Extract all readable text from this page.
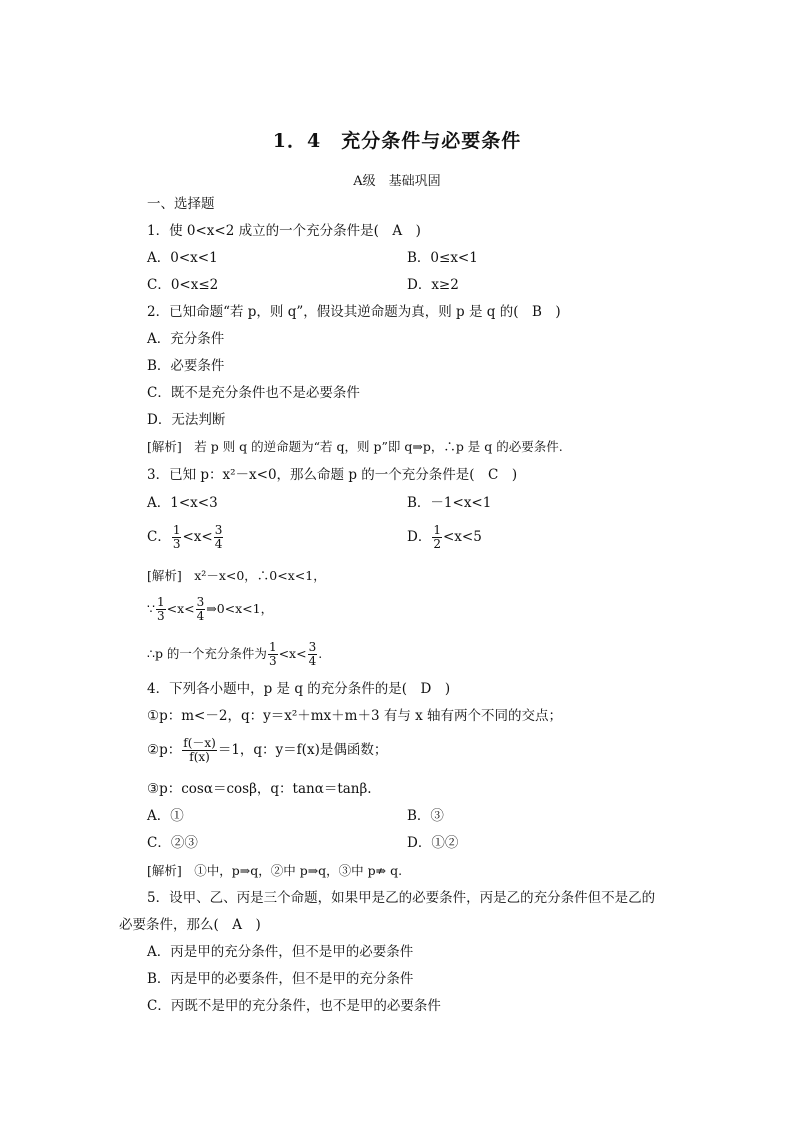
1．4　充分条件与必要条件
A级　基础巩固
一、选择题
1．使 0<x<2 成立的一个充分条件是(　A　)
A．0<x<1	B．0≤x<1
C．0<x≤2	D．x≥2
2．已知命题“若 p，则 q”，假设其逆命题为真，则 p 是 q 的(　B　)
A．充分条件
B．必要条件
C．既不是充分条件也不是必要条件
D．无法判断
[解析]　若 p 则 q 的逆命题为“若 q，则 p”即 q⇒p，∴p 是 q 的必要条件.
3．已知 p：x²－x<0，那么命题 p 的一个充分条件是(　C　)
A．1<x<3	B．－1<x<1
C． $\frac{1}{3} <x< \frac{3}{4}$	D． $\frac{1}{2} <x<5$
[解析]　x²－x<0，∴0<x<1，
∵ $\frac{1}{3} <x< \frac{3}{4}$ ⇒0<x<1，
∴p 的一个充分条件为 $\frac{1}{3} <x< \frac{3}{4}$ .
4．下列各小题中，p 是 q 的充分条件的是(　D　)
①p：m<－2，q：y＝x²＋mx＋m＋3 有与 x 轴有两个不同的交点；
②p： $\frac{f(-x)}{f(x)} =1$，q：y＝f(x)是偶函数；
③p：cosα＝cosβ，q：tanα＝tanβ.
A．①	B．③
C．②③	D．①②
[解析]　①中，p⇒q，②中 p⇒q，③中 p⇏ q.
5．设甲、乙、丙是三个命题，如果甲是乙的必要条件，丙是乙的充分条件但不是乙的
必要条件，那么(　A　)
A．丙是甲的充分条件，但不是甲的必要条件
B．丙是甲的必要条件，但不是甲的充分条件
C．丙既不是甲的充分条件，也不是甲的必要条件
